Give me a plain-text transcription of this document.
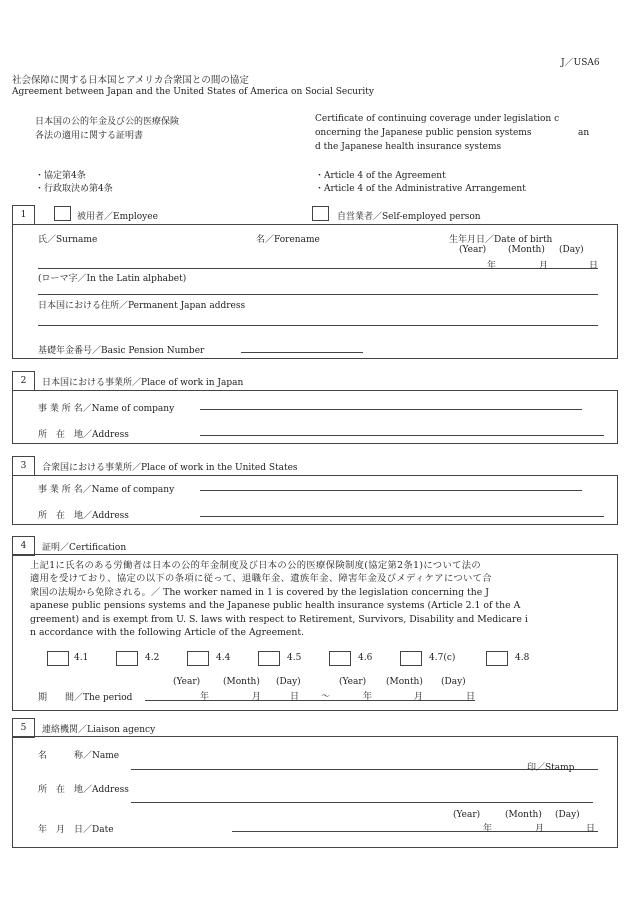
J／USA6
社会保障に関する日本国とアメリカ合衆国との間の協定
Agreement between Japan and the United States of America on Social Security
日本国の公的年金及び公的医療保険
各法の適用に関する証明書
Certificate of continuing coverage under legislation c
oncerning the Japanese public pension systems	an
d the Japanese health insurance systems
・協定第4条
・行政取決め第4条
・Article 4 of the Agreement
・Article 4 of the Administrative Arrangement
1	被用者／Employee	自営業者／Self-employed person
氏／Surname	名／Forename	生年月日／Date of birth
(Year) (Month) (Day)
年	月	日
(ローマ字／In the Latin alphabet)
日本国における住所／Permanent Japan address
基礎年金番号／Basic Pension Number
2	日本国における事業所／Place of work in Japan
事 業 所 名／Name of company
所　在　地／Address
3	合衆国における事業所／Place of work in the United States
事 業 所 名／Name of company
所　在　地／Address
4	証明／Certification
上記1に氏名のある労働者は日本の公的年金制度及び日本の公的医療保険制度(協定第2条1)について法の
適用を受けており、協定の以下の条項に従って、退職年金、遺族年金、障害年金及びメディケアについて合
衆国の法規から免除される。／ The worker named in 1 is covered by the legislation concerning the J
apanese public pensions systems and the Japanese public health insurance systems (Article 2.1 of the A
greement) and is exempt from U. S. laws with respect to Retirement, Survivors, Disability and Medicare i
n accordance with the following Article of the Agreement.
4.1	4.2	4.4	4.5	4.6	4.7(c)	4.8
(Year)	(Month) (Day)	(Year) (Month) (Day)
期　　間／The period	年	月	日 ～	年	月	日
5	連絡機関／Liaison agency
名　　　称／Name
印／Stamp
所　在　地／Address
(Year)	(Month) (Day)
年　月　日／Date	年	月	日
